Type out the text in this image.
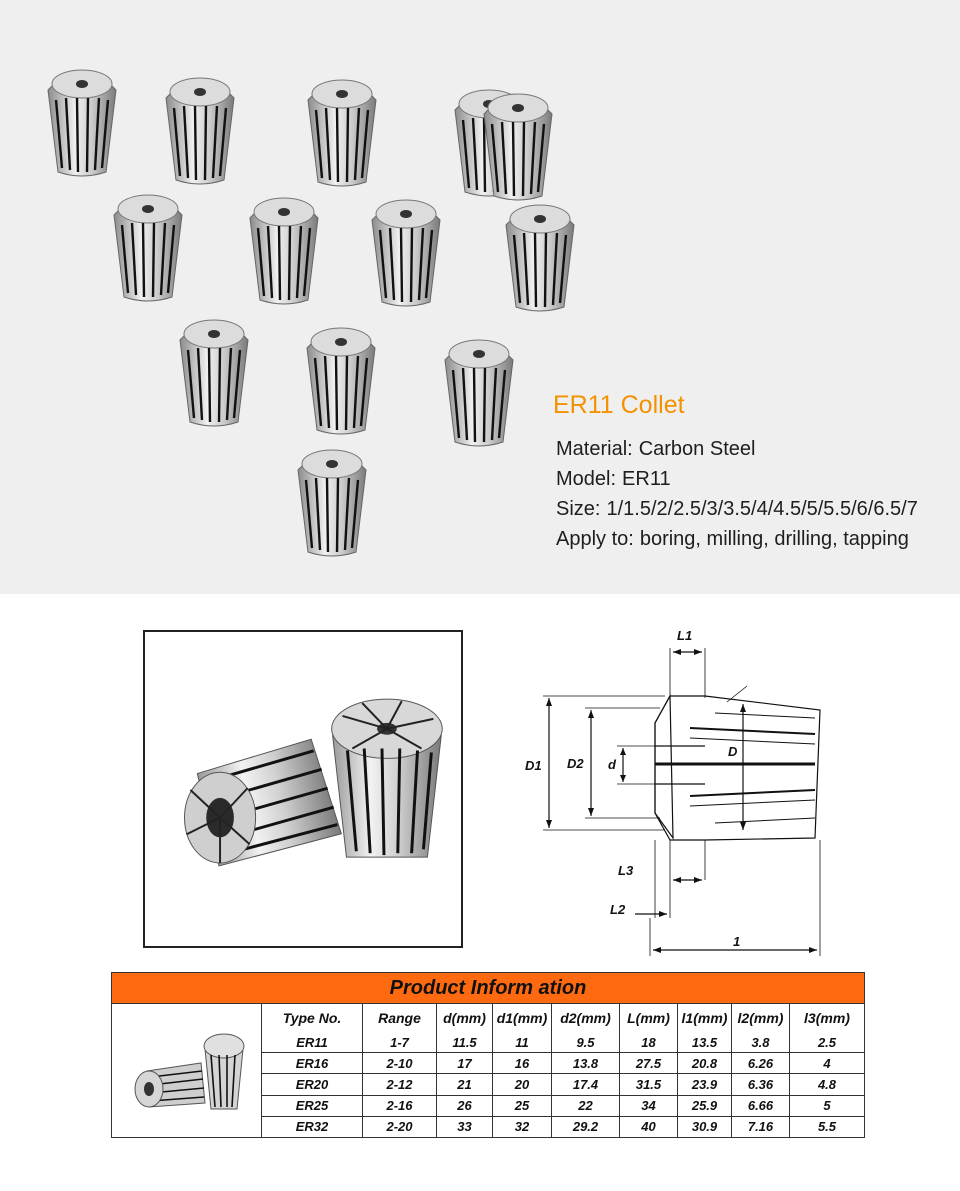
ER11 Collet
Material: Carbon Steel
Model: ER11
Size: 1/1.5/2/2.5/3/3.5/4/4.5/5/5.5/6/6.5/7
Apply to: boring, milling, drilling, tapping
L1
D1 D2 d
D
L3
L2
1
Product Inform ation
Type No.	Range	d(mm)	d1(mm)	d2(mm)	L(mm)	l1(mm)	l2(mm)	l3(mm)
ER11	1-7	11.5	11	9.5	18	13.5	3.8	2.5
ER16	2-10	17	16	13.8	27.5	20.8	6.26	4
ER20	2-12	21	20	17.4	31.5	23.9	6.36	4.8
ER25	2-16	26	25	22	34	25.9	6.66	5
ER32	2-20	33	32	29.2	40	30.9	7.16	5.5
